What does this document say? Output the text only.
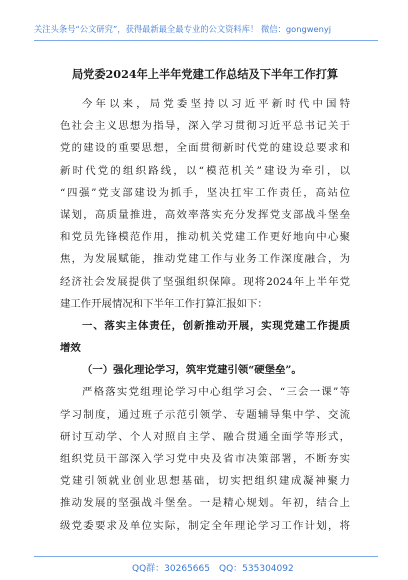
关注头条号“公文研究”，获得最新最全最专业的公文资料库！ 微信：gongwenyj
局党委2024年上半年党建工作总结及下半年工作打算
今年以来，局党委坚持以习近平新时代中国特
色社会主义思想为指导，深入学习贯彻习近平总书记关于
党的建设的重要思想，全面贯彻新时代党的建设总要求和
新时代党的组织路线，以“模范机关”建设为牵引，以
“四强”党支部建设为抓手，坚决扛牢工作责任，高站位
谋划，高质量推进，高效率落实充分发挥党支部战斗堡垒
和党员先锋模范作用，推动机关党建工作更好地向中心聚
焦，为发展赋能，推动党建工作与业务工作深度融合，为
经济社会发展提供了坚强组织保障。现将2024年上半年党
建工作开展情况和下半年工作打算汇报如下：
一、落实主体责任，创新推动开展，实现党建工作提质
增效
（一）强化理论学习，筑牢党建引领“硬堡垒”。
严格落实党组理论学习中心组学习会、“三会一课”等
学习制度，通过班子示范引领学、专题辅导集中学、交流
研讨互动学、个人对照自主学、融合贯通全面学等形式，
组织党员干部深入学习党中央及省市决策部署，不断夯实
党建引领就业创业思想基础，切实把组织建成凝神聚力
推动发展的坚强战斗堡垒。一是精心规划。年初，结合上
级党委要求及单位实际，制定全年理论学习工作计划，将
QQ群：30265665 QQ：535304092
